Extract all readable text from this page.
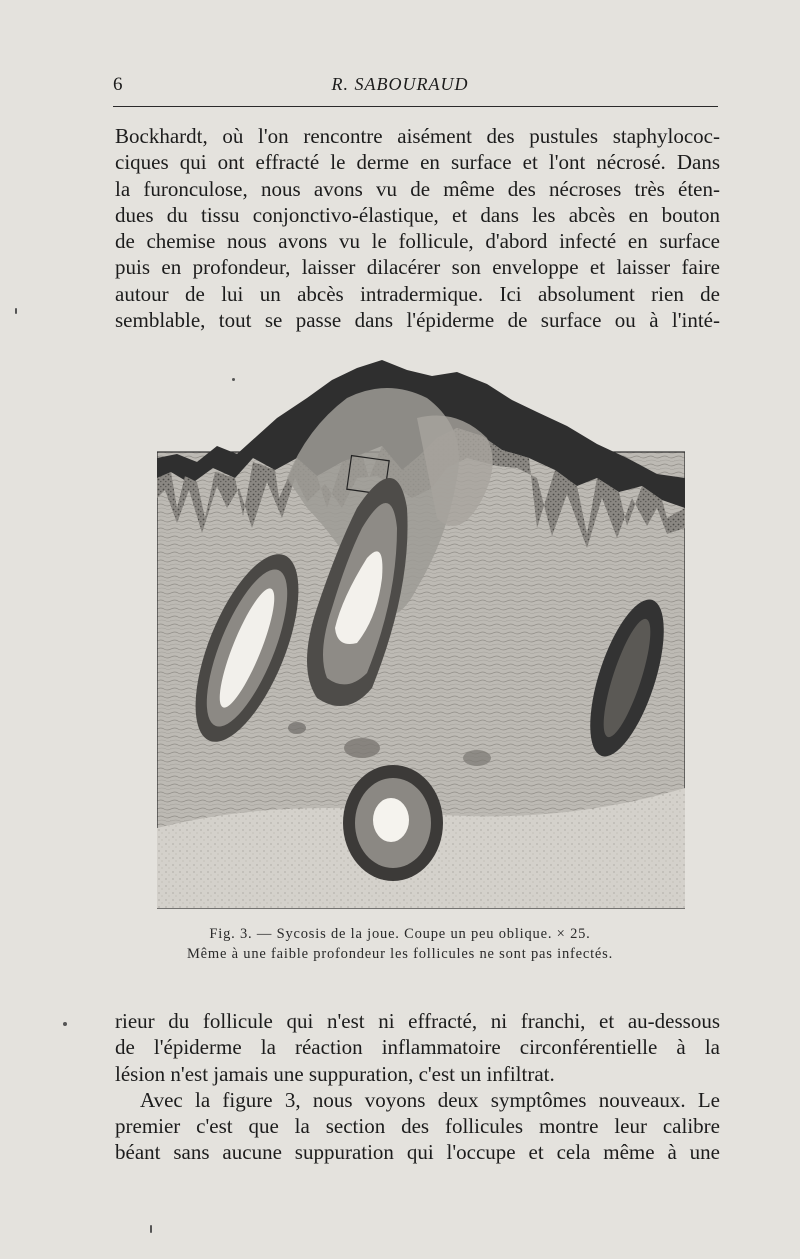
6	R. SABOURAUD
Bockhardt, où l'on rencontre aisément des pustules staphylococ-
ciques qui ont effracté le derme en surface et l'ont nécrosé. Dans
la furonculose, nous avons vu de même des nécroses très éten-
dues du tissu conjonctivo-élastique, et dans les abcès en bouton
de chemise nous avons vu le follicule, d'abord infecté en surface
puis en profondeur, laisser dilacérer son enveloppe et laisser faire
autour de lui un abcès intradermique. Ici absolument rien de
semblable, tout se passe dans l'épiderme de surface ou à l'inté-
Fig. 3. — Sycosis de la joue. Coupe un peu oblique. × 25.
Même à une faible profondeur les follicules ne sont pas infectés.
rieur du follicule qui n'est ni effracté, ni franchi, et au-dessous
de l'épiderme la réaction inflammatoire circonférentielle à la
lésion n'est jamais une suppuration, c'est un infiltrat.
Avec la figure 3, nous voyons deux symptômes nouveaux. Le
premier c'est que la section des follicules montre leur calibre
béant sans aucune suppuration qui l'occupe et cela même à une
